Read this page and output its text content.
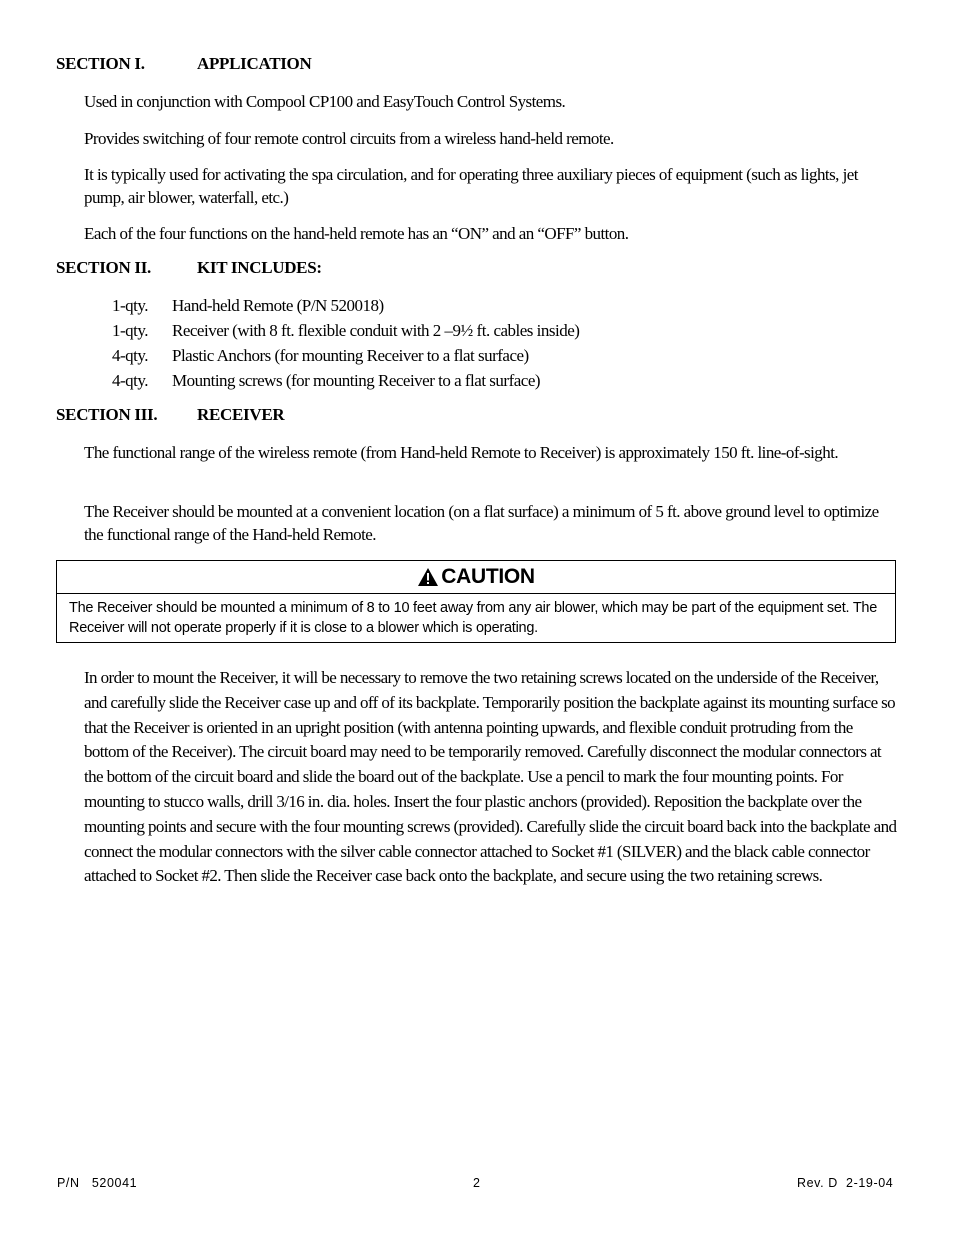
SECTION I.	APPLICATION
Used in conjunction with Compool CP100 and EasyTouch Control Systems.
Provides switching of four remote control circuits from a wireless hand-held remote.
It is typically used for activating the spa circulation, and for operating three auxiliary pieces of equipment (such as lights, jet pump, air blower, waterfall, etc.)
Each of the four functions on the hand-held remote has an “ON” and an “OFF” button.
SECTION II.	KIT INCLUDES:
1-qty. Hand-held Remote (P/N 520018)
1-qty. Receiver (with 8 ft. flexible conduit with 2 –9½ ft. cables inside)
4-qty. Plastic Anchors (for mounting Receiver to a flat surface)
4-qty. Mounting screws (for mounting Receiver to a flat surface)
SECTION III. RECEIVER
The functional range of the wireless remote (from Hand-held Remote to Receiver) is approximately 150 ft. line-of-sight.
The Receiver should be mounted at a convenient location (on a flat surface) a minimum of 5 ft. above ground level to optimize the functional range of the Hand-held Remote.
CAUTION
The Receiver should be mounted a minimum of 8 to 10 feet away from any air blower, which may be part of the equipment set. The Receiver will not operate properly if it is close to a blower which is operating.
In order to mount the Receiver, it will be necessary to remove the two retaining screws located on the underside of the Receiver, and carefully slide the Receiver case up and off of its backplate. Temporarily position the backplate against its mounting surface so that the Receiver is oriented in an upright position (with antenna pointing upwards, and flexible conduit protruding from the bottom of the Receiver). The circuit board may need to be temporarily removed. Carefully disconnect the modular connectors at the bottom of the circuit board and slide the board out of the backplate. Use a pencil to mark the four mounting points. For mounting to stucco walls, drill 3/16 in. dia. holes. Insert the four plastic anchors (provided). Reposition the backplate over the mounting points and secure with the four mounting screws (provided). Carefully slide the circuit board back into the backplate and connect the modular connectors with the silver cable connector attached to Socket #1 (SILVER) and the black cable connector attached to Socket #2. Then slide the Receiver case back onto the backplate, and secure using the two retaining screws.
P/N   520041	2	Rev. D  2-19-04
